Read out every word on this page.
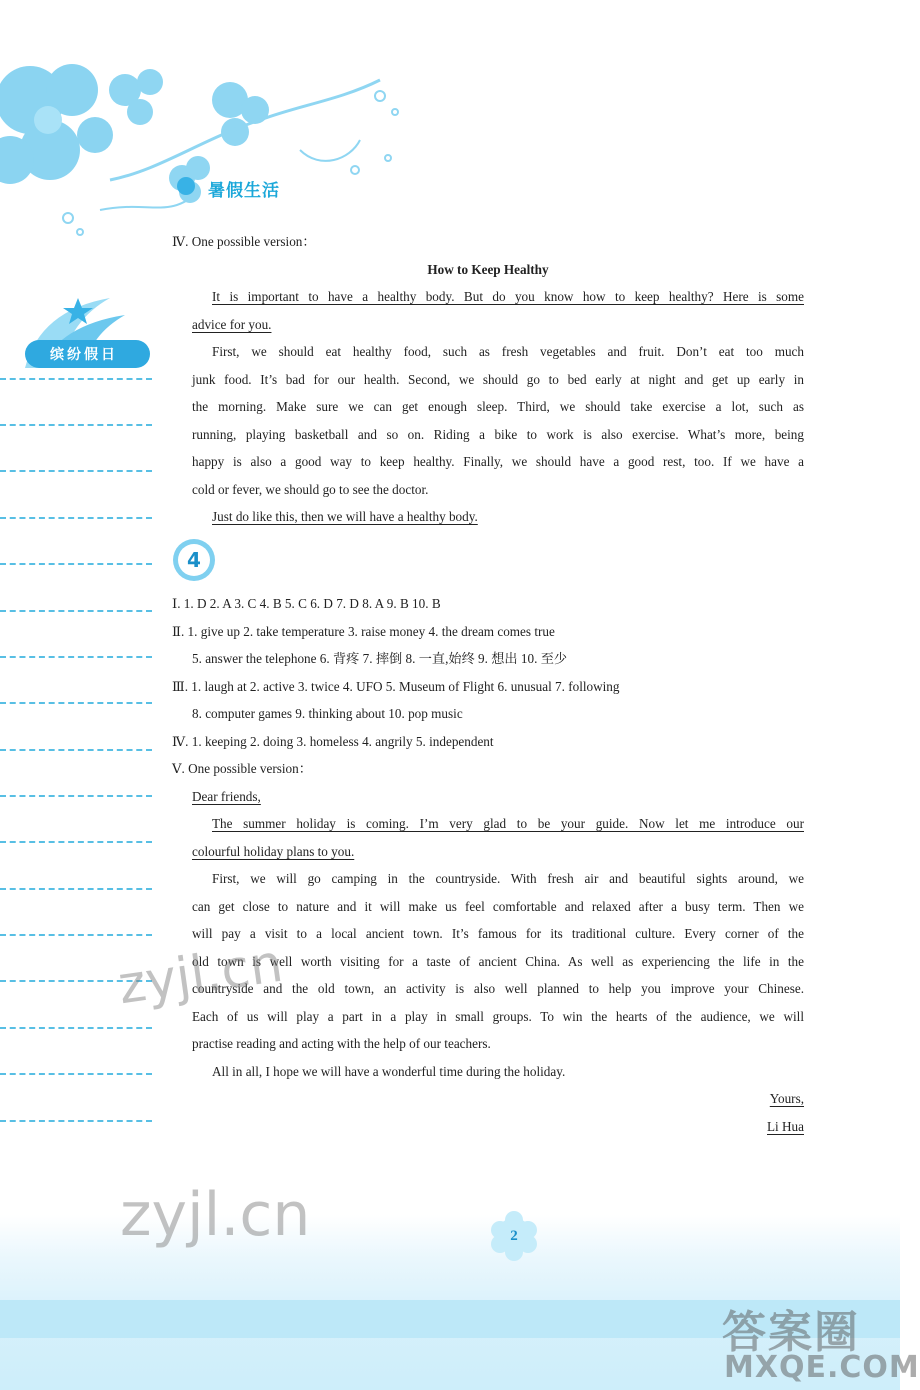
暑假生活
缤纷假日
Ⅳ. One possible version：
How to Keep Healthy
It is important to have a healthy body. But do you know how to keep healthy? Here is some
advice for you.
First, we should eat healthy food, such as fresh vegetables and fruit. Don’t eat too much
junk food. It’s bad for our health. Second, we should go to bed early at night and get up early in
the morning. Make sure we can get enough sleep. Third, we should take exercise a lot, such as
running, playing basketball and so on. Riding a bike to work is also exercise. What’s more, being
happy is also a good way to keep healthy. Finally, we should have a good rest, too. If we have a
cold or fever, we should go to see the doctor.
Just do like this, then we will have a healthy body.
4
Ⅰ. 1. D 2. A 3. C 4. B 5. C 6. D 7. D 8. A 9. B 10. B
Ⅱ. 1. give up 2. take temperature 3. raise money 4. the dream comes true
5. answer the telephone 6. 背疼 7. 摔倒 8. 一直,始终 9. 想出 10. 至少
Ⅲ. 1. laugh at 2. active 3. twice 4. UFO 5. Museum of Flight 6. unusual 7. following
8. computer games 9. thinking about 10. pop music
Ⅳ. 1. keeping 2. doing 3. homeless 4. angrily 5. independent
Ⅴ. One possible version：
Dear friends,
The summer holiday is coming. I’m very glad to be your guide. Now let me introduce our
colourful holiday plans to you.
First, we will go camping in the countryside. With fresh air and beautiful sights around, we
can get close to nature and it will make us feel comfortable and relaxed after a busy term. Then we
will pay a visit to a local ancient town. It’s famous for its traditional culture. Every corner of the
old town is well worth visiting for a taste of ancient China. As well as experiencing the life in the
countryside and the old town, an activity is also well planned to help you improve your Chinese.
Each of us will play a part in a play in small groups. To win the hearts of the audience, we will
practise reading and acting with the help of our teachers.
All in all, I hope we will have a wonderful time during the holiday.
Yours,
Li Hua
zyjl.cn
zyjl.cn	2
答案圈
MXQE.COM
